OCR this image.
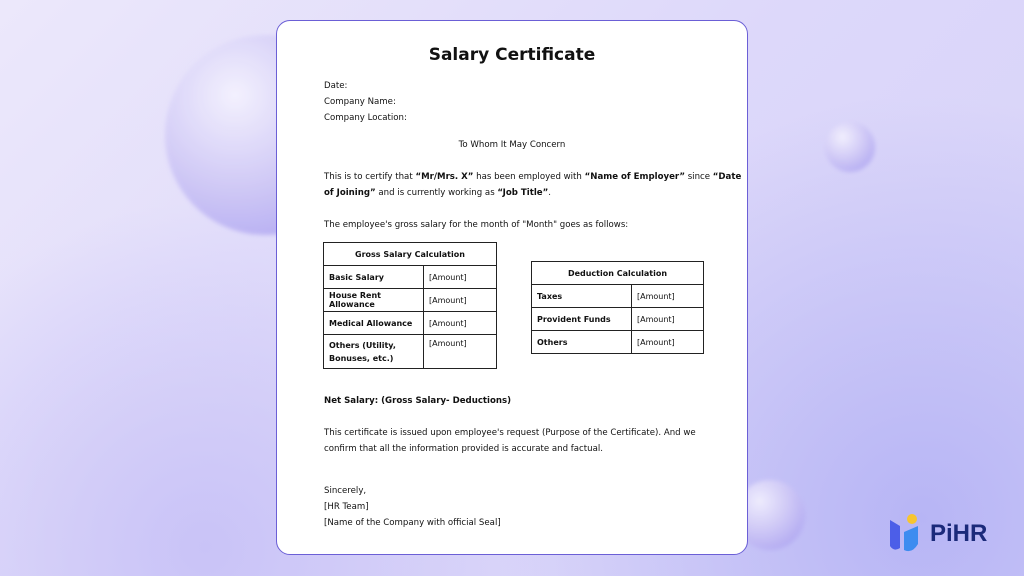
Salary Certificate
Date:
Company Name:
Company Location:
To Whom It May Concern
This is to certify that “Mr/Mrs. X” has been employed with “Name of Employer” since “Date
of Joining” and is currently working as “Job Title”.
The employee's gross salary for the month of "Month" goes as follows:
Gross Salary Calculation	
Basic Salary	[Amount]
House Rent Allowance	[Amount]
Medical Allowance	[Amount]
Others (Utility, Bonuses, etc.)	[Amount]
Deduction Calculation	
Taxes	[Amount]
Provident Funds	[Amount]
Others	[Amount]
Net Salary: (Gross Salary- Deductions)
This certificate is issued upon employee's request (Purpose of the Certificate). And we
confirm that all the information provided is accurate and factual.
Sincerely,
[HR Team]
[Name of the Company with official Seal]	PiHR
